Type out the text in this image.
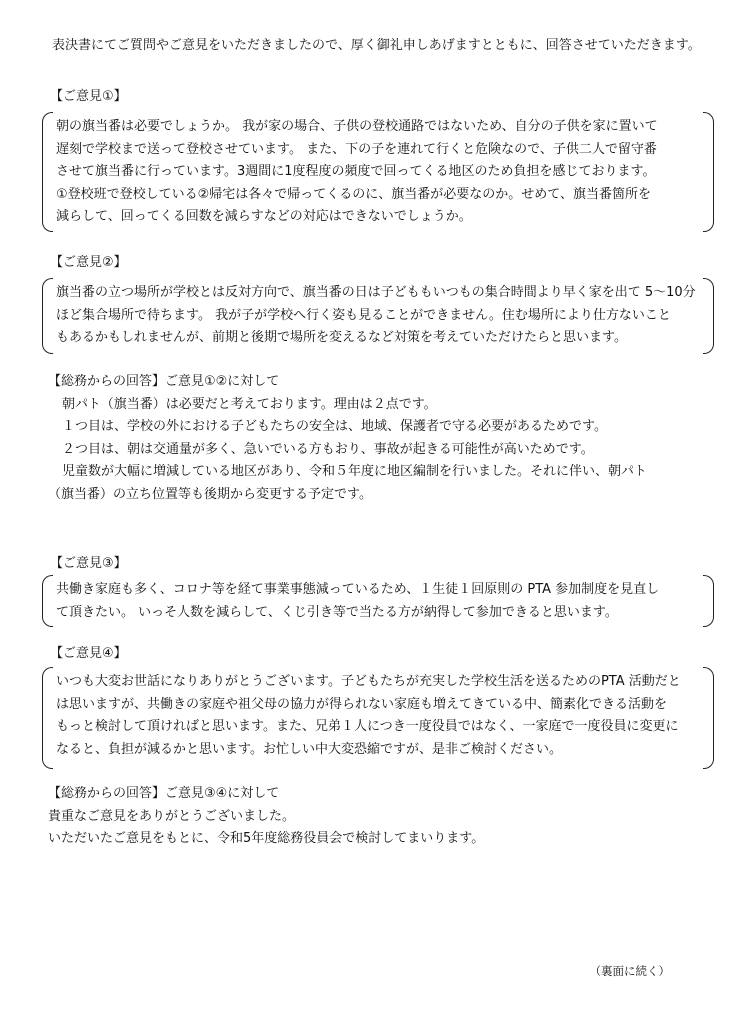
表決書にてご質問やご意見をいただきましたので、厚く御礼申しあげますとともに、回答させていただきます。
【ご意見①】

朝の旗当番は必要でしょうか。 我が家の場合、子供の登校通路ではないため、自分の子供を家に置いて
遅刻で学校まで送って登校させています。 また、下の子を連れて行くと危険なので、子供二人で留守番
させて旗当番に行っています。3週間に1度程度の頻度で回ってくる地区のため負担を感じております。
①登校班で登校している②帰宅は各々で帰ってくるのに、旗当番が必要なのか。せめて、旗当番箇所を
減らして、回ってくる回数を減らすなどの対応はできないでしょうか。

【ご意見②】

旗当番の立つ場所が学校とは反対方向で、旗当番の日は子どももいつもの集合時間より早く家を出て 5～10分
ほど集合場所で待ちます。 我が子が学校へ行く姿も見ることができません。住む場所により仕方ないこと
もあるかもしれませんが、前期と後期で場所を変えるなど対策を考えていただけたらと思います。

【総務からの回答】ご意見①②に対して
朝パト（旗当番）は必要だと考えております。理由は２点です。
１つ目は、学校の外における子どもたちの安全は、地域、保護者で守る必要があるためです。
２つ目は、朝は交通量が多く、急いでいる方もおり、事故が起きる可能性が高いためです。
児童数が大幅に増減している地区があり、令和５年度に地区編制を行いました。それに伴い、朝パト
（旗当番）の立ち位置等も後期から変更する予定です。
【ご意見③】

共働き家庭も多く、コロナ等を経て事業事態減っているため、１生徒１回原則の PTA 参加制度を見直し
て頂きたい。 いっそ人数を減らして、くじ引き等で当たる方が納得して参加できると思います。

【ご意見④】

いつも大変お世話になりありがとうございます。子どもたちが充実した学校生活を送るためのPTA 活動だと
は思いますが、共働きの家庭や祖父母の協力が得られない家庭も増えてきている中、簡素化できる活動を
もっと検討して頂ければと思います。また、兄弟１人につき一度役員ではなく、一家庭で一度役員に変更に
なると、負担が減るかと思います。お忙しい中大変恐縮ですが、是非ご検討ください。

【総務からの回答】ご意見③④に対して
貴重なご意見をありがとうございました。
いただいたご意見をもとに、令和5年度総務役員会で検討してまいります。
（裏面に続く）
